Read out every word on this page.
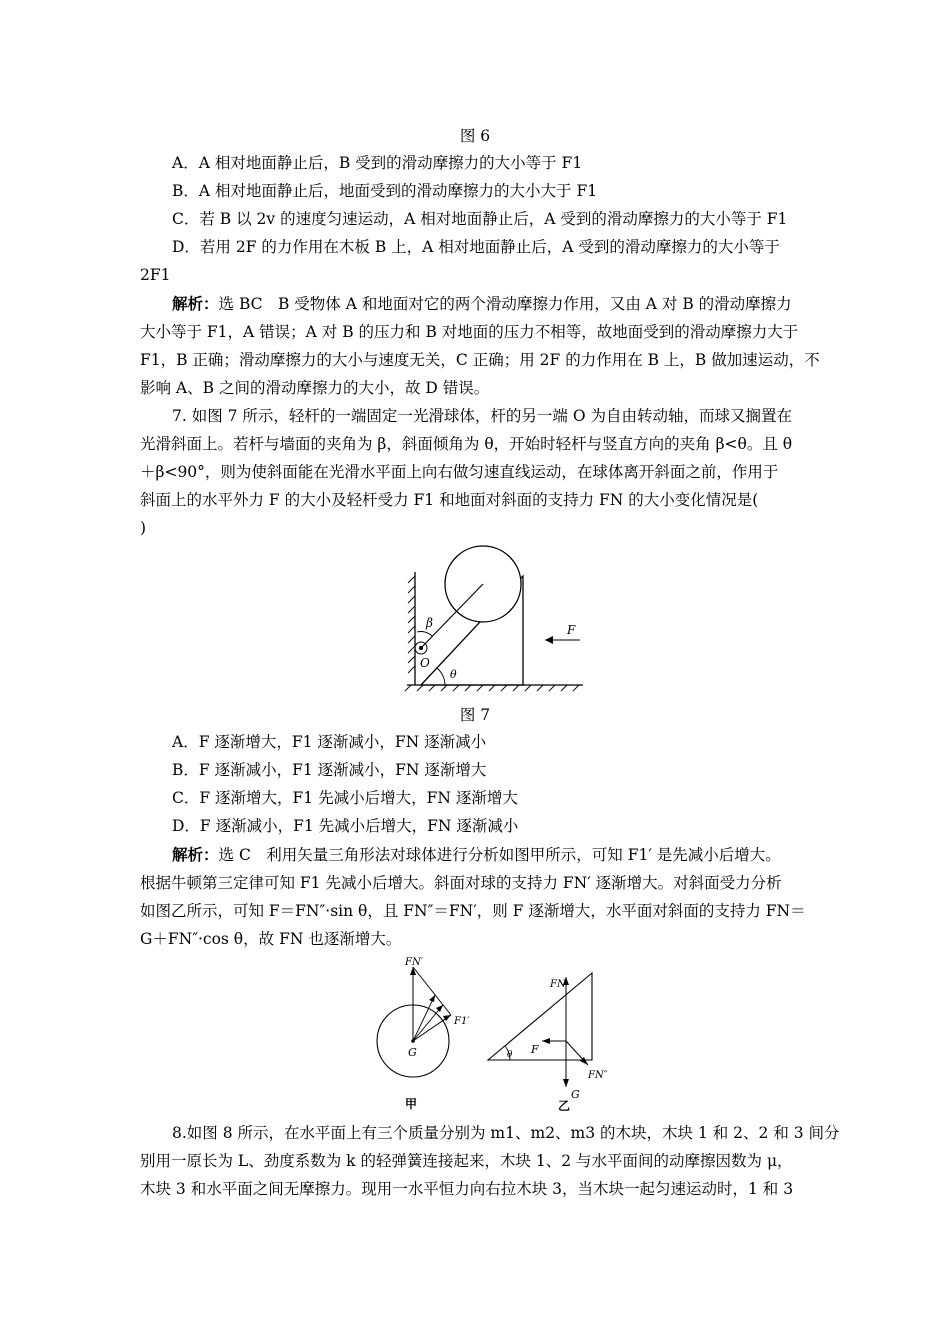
图 6
A．A 相对地面静止后，B 受到的滑动摩擦力的大小等于 F1
B．A 相对地面静止后，地面受到的滑动摩擦力的大小大于 F1
C．若 B 以 2v 的速度匀速运动，A 相对地面静止后，A 受到的滑动摩擦力的大小等于 F1
D．若用 2F 的力作用在木板 B 上，A 相对地面静止后，A 受到的滑动摩擦力的大小等于
2F1
解析：选 BC　B 受物体 A 和地面对它的两个滑动摩擦力作用，又由 A 对 B 的滑动摩擦力
大小等于 F1，A 错误；A 对 B 的压力和 B 对地面的压力不相等，故地面受到的滑动摩擦力大于
F1，B 正确；滑动摩擦力的大小与速度无关，C 正确；用 2F 的力作用在 B 上，B 做加速运动，不
影响 A、B 之间的滑动摩擦力的大小，故 D 错误。
7. 如图 7 所示，轻杆的一端固定一光滑球体，杆的另一端 O 为自由转动轴，而球又搁置在
光滑斜面上。若杆与墙面的夹角为 β，斜面倾角为 θ，开始时轻杆与竖直方向的夹角 β<θ。且 θ
＋β<90°，则为使斜面能在光滑水平面上向右做匀速直线运动，在球体离开斜面之前，作用于
斜面上的水平外力 F 的大小及轻杆受力 F1 和地面对斜面的支持力 FN 的大小变化情况是(
)
β
O
θ
F
图 7
A．F 逐渐增大，F1 逐渐减小，FN 逐渐减小
B．F 逐渐减小，F1 逐渐减小，FN 逐渐增大
C．F 逐渐增大，F1 先减小后增大，FN 逐渐增大
D．F 逐渐减小，F1 先减小后增大，FN 逐渐减小
解析：选 C　利用矢量三角形法对球体进行分析如图甲所示，可知 F1′ 是先减小后增大。
根据牛顿第三定律可知 F1 先减小后增大。斜面对球的支持力 FN′ 逐渐增大。对斜面受力分析
如图乙所示，可知 F＝FN″·sin θ，且 FN″＝FN′，则 F 逐渐增大，水平面对斜面的支持力 FN＝
G＋FN″·cos θ，故 FN 也逐渐增大。
FN′
F1′
G
甲
FN
F
θ
FN″
G
乙
8.如图 8 所示，在水平面上有三个质量分别为 m1、m2、m3 的木块，木块 1 和 2、2 和 3 间分
别用一原长为 L、劲度系数为 k 的轻弹簧连接起来，木块 1、2 与水平面间的动摩擦因数为 μ，
木块 3 和水平面之间无摩擦力。现用一水平恒力向右拉木块 3，当木块一起匀速运动时，1 和 3
